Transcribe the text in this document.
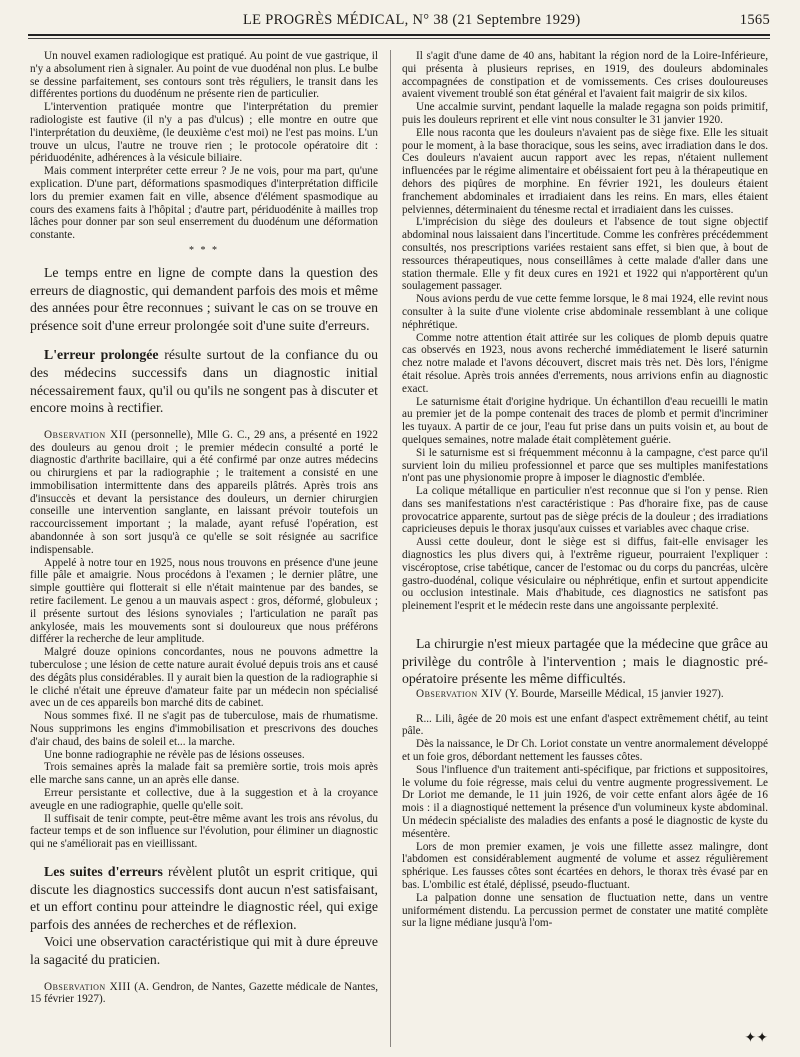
LE PROGRÈS MÉDICAL, N° 38 (21 Septembre 1929)	1565

Un nouvel examen radiologique est pratiqué. Au point de vue gastrique, il n'y a absolument rien à signaler. Au point de vue duodénal non plus. Le bulbe se dessine parfaitement, ses contours sont très réguliers, le transit dans les différentes portions du duodénum ne présente rien de particulier.

L'intervention pratiquée montre que l'interprétation du premier radiologiste est fautive (il n'y a pas d'ulcus) ; elle montre en outre que l'interprétation du deuxième, (le deuxième c'est moi) ne l'est pas moins. L'un trouve un ulcus, l'autre ne trouve rien ; le protocole opératoire dit : périduodénite, adhérences à la vésicule biliaire.

Mais comment interpréter cette erreur ? Je ne vois, pour ma part, qu'une explication. D'une part, déformations spasmodiques d'interprétation difficile lors du premier examen fait en ville, absence d'élément spasmodique au cours des examens faits à l'hôpital ; d'autre part, périduodénite à mailles trop lâches pour donner par son seul enserrement du duodénum une déformation constante.

* * *

Le temps entre en ligne de compte dans la question des erreurs de diagnostic, qui demandent parfois des mois et même des années pour être reconnues ; suivant le cas on se trouve en présence soit d'une erreur prolongée soit d'une suite d'erreurs.

L'erreur prolongée résulte surtout de la confiance du ou des médecins successifs dans un diagnostic initial nécessairement faux, qu'il ou qu'ils ne songent pas à discuter et encore moins à rectifier.

Observation XII (personnelle), Mlle G. C., 29 ans, a présenté en 1922 des douleurs au genou droit ; le premier médecin consulté a porté le diagnostic d'arthrite bacillaire, qui a été confirmé par onze autres médecins ou chirurgiens et par la radiographie ; le traitement a consisté en une immobilisation intermittente dans des appareils plâtrés. Après trois ans d'insuccès et devant la persistance des douleurs, un dernier chirurgien conseille une intervention sanglante, en laissant prévoir toutefois un raccourcissement important ; la malade, ayant refusé l'opération, est abandonnée à son sort jusqu'à ce qu'elle se soit résignée au sacrifice indispensable.

Appelé à notre tour en 1925, nous nous trouvons en présence d'une jeune fille pâle et amaigrie. Nous procédons à l'examen ; le dernier plâtre, une simple gouttière qui flotterait si elle n'était maintenue par des bandes, se retire facilement. Le genou a un mauvais aspect : gros, déformé, globuleux ; il présente surtout des lésions synoviales ; l'articulation ne paraît pas ankylosée, mais les mouvements sont si douloureux que nous préférons différer la recherche de leur amplitude.

Malgré douze opinions concordantes, nous ne pouvons admettre la tuberculose ; une lésion de cette nature aurait évolué depuis trois ans et causé des dégâts plus considérables. Il y aurait bien la question de la radiographie si le cliché n'était une épreuve d'amateur faite par un médecin non spécialisé avec un de ces appareils bon marché dits de cabinet.

Nous sommes fixé. Il ne s'agit pas de tuberculose, mais de rhumatisme. Nous supprimons les engins d'immobilisation et prescrivons des douches d'air chaud, des bains de soleil et... la marche.

Une bonne radiographie ne révèle pas de lésions osseuses.

Trois semaines après la malade fait sa première sortie, trois mois après elle marche sans canne, un an après elle danse.

Erreur persistante et collective, due à la suggestion et à la croyance aveugle en une radiographie, quelle qu'elle soit.

Il suffisait de tenir compte, peut-être même avant les trois ans révolus, du facteur temps et de son influence sur l'évolution, pour éliminer un diagnostic qui ne s'améliorait pas en vieillissant.

Les suites d'erreurs révèlent plutôt un esprit critique, qui discute les diagnostics successifs dont aucun n'est satisfaisant, et un effort continu pour atteindre le diagnostic réel, qui exige parfois des années de recherches et de réflexion.

Voici une observation caractéristique qui mit à dure épreuve la sagacité du praticien.

Observation XIII (A. Gendron, de Nantes, Gazette médicale de Nantes, 15 février 1927).

Il s'agit d'une dame de 40 ans, habitant la région nord de la Loire-Inférieure, qui présenta à plusieurs reprises, en 1919, des douleurs abdominales accompagnées de constipation et de vomissements. Ces crises douloureuses avaient vivement troublé son état général et l'avaient fait maigrir de six kilos.

Une accalmie survint, pendant laquelle la malade regagna son poids primitif, puis les douleurs reprirent et elle vint nous consulter le 31 janvier 1920.

Elle nous raconta que les douleurs n'avaient pas de siège fixe. Elle les situait pour le moment, à la base thoracique, sous les seins, avec irradiation dans le dos. Ces douleurs n'avaient aucun rapport avec les repas, n'étaient nullement influencées par le régime alimentaire et obéissaient fort peu à la thérapeutique en dehors des piqûres de morphine. En février 1921, les douleurs étaient franchement abdominales et irradiaient dans les reins. En mars, elles étaient pelviennes, déterminaient du ténesme rectal et irradiaient dans les cuisses.

L'imprécision du siège des douleurs et l'absence de tout signe objectif abdominal nous laissaient dans l'incertitude. Comme les confrères précédemment consultés, nos prescriptions variées restaient sans effet, si bien que, à bout de ressources thérapeutiques, nous conseillâmes à cette malade d'aller dans une station thermale. Elle y fit deux cures en 1921 et 1922 qui n'apportèrent qu'un soulagement passager.

Nous avions perdu de vue cette femme lorsque, le 8 mai 1924, elle revint nous consulter à la suite d'une violente crise abdominale ressemblant à une colique néphrétique.

Comme notre attention était attirée sur les coliques de plomb depuis quatre cas observés en 1923, nous avons recherché immédiatement le liseré saturnin chez notre malade et l'avons découvert, discret mais très net. Dès lors, l'énigme était résolue. Après trois années d'errements, nous arrivions enfin au diagnostic exact.

Le saturnisme était d'origine hydrique. Un échantillon d'eau recueilli le matin au premier jet de la pompe contenait des traces de plomb et permit d'incriminer les tuyaux. A partir de ce jour, l'eau fut prise dans un puits voisin et, au bout de quelques semaines, notre malade était complètement guérie.

Si le saturnisme est si fréquemment méconnu à la campagne, c'est parce qu'il survient loin du milieu professionnel et parce que ses multiples manifestations n'ont pas une physionomie propre à imposer le diagnostic d'emblée.

La colique métallique en particulier n'est reconnue que si l'on y pense. Rien dans ses manifestations n'est caractéristique : Pas d'horaire fixe, pas de cause provocatrice apparente, surtout pas de siège précis de la douleur ; des irradiations capricieuses depuis le thorax jusqu'aux cuisses et variables avec chaque crise.

Aussi cette douleur, dont le siège est si diffus, fait-elle envisager les diagnostics les plus divers qui, à l'extrême rigueur, pourraient l'expliquer : viscéroptose, crise tabétique, cancer de l'estomac ou du corps du pancréas, ulcère gastro-duodénal, colique vésiculaire ou néphrétique, enfin et surtout appendicite ou occlusion intestinale. Mais d'habitude, ces diagnostics ne satisfont pas pleinement l'esprit et le médecin reste dans une angoissante perplexité.

La chirurgie n'est mieux partagée que la médecine que grâce au privilège du contrôle à l'intervention ; mais le diagnostic pré-opératoire présente les même difficultés.

Observation XIV (Y. Bourde, Marseille Médical, 15 janvier 1927).

R... Lili, âgée de 20 mois est une enfant d'aspect extrêmement chétif, au teint pâle.

Dès la naissance, le Dr Ch. Loriot constate un ventre anormalement développé et un foie gros, débordant nettement les fausses côtes.

Sous l'influence d'un traitement anti-spécifique, par frictions et suppositoires, le volume du foie régresse, mais celui du ventre augmente progressivement. Le Dr Loriot me demande, le 11 juin 1926, de voir cette enfant alors âgée de 16 mois : il a diagnostiqué nettement la présence d'un volumineux kyste abdominal. Un médecin spécialiste des maladies des enfants a posé le diagnostic de kyste du mésentère.

Lors de mon premier examen, je vois une fillette assez malingre, dont l'abdomen est considérablement augmenté de volume et assez régulièrement sphérique. Les fausses côtes sont écartées en dehors, le thorax très évasé par en bas. L'ombilic est étalé, déplissé, pseudo-fluctuant.

La palpation donne une sensation de fluctuation nette, dans un ventre uniformément distendu. La percussion permet de constater une matité complète sur la ligne médiane jusqu'à l'om-

✦✦
